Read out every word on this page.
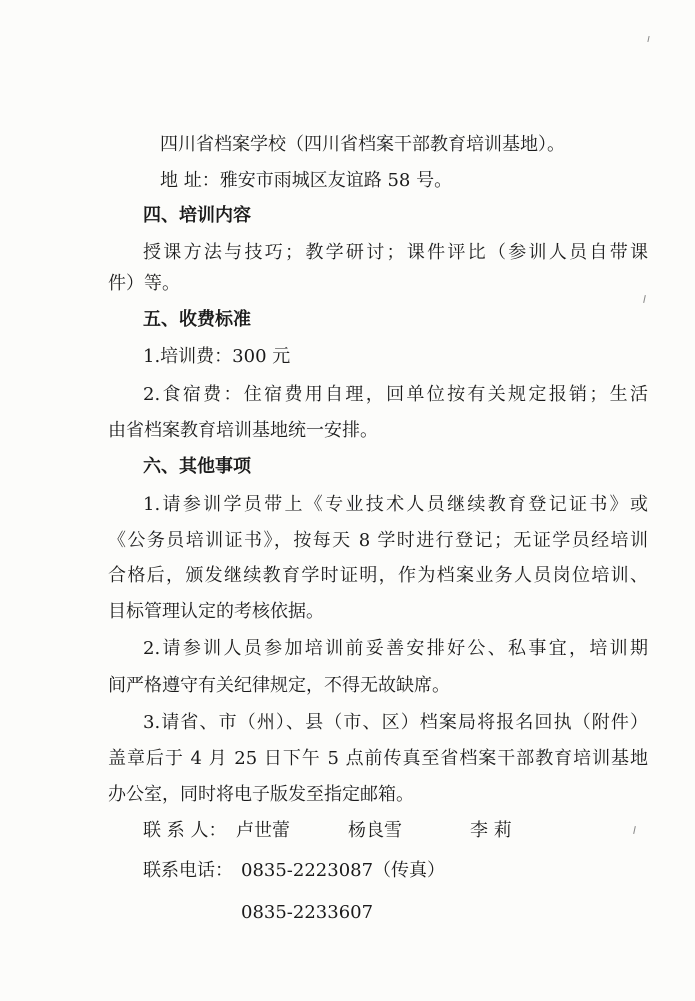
四川省档案学校（四川省档案干部教育培训基地）。
地 址：雅安市雨城区友谊路 58 号。
四、培训内容
授课方法与技巧；教学研讨；课件评比（参训人员自带课
件）等。
五、收费标准
1.培训费：300 元
2.食宿费：住宿费用自理，回单位按有关规定报销；生活
由省档案教育培训基地统一安排。
六、其他事项
1.请参训学员带上《专业技术人员继续教育登记证书》或
《公务员培训证书》，按每天 8 学时进行登记；无证学员经培训
合格后，颁发继续教育学时证明，作为档案业务人员岗位培训、
目标管理认定的考核依据。
2.请参训人员参加培训前妥善安排好公、私事宜，培训期
间严格遵守有关纪律规定，不得无故缺席。
3.请省、市（州）、县（市、区）档案局将报名回执（附件）
盖章后于 4 月 25 日下午 5 点前传真至省档案干部教育培训基地
办公室，同时将电子版发至指定邮箱。
联 系 人： 卢世蕾	杨良雪	李 莉
联系电话： 0835-2223087（传真）
0835-2233607
